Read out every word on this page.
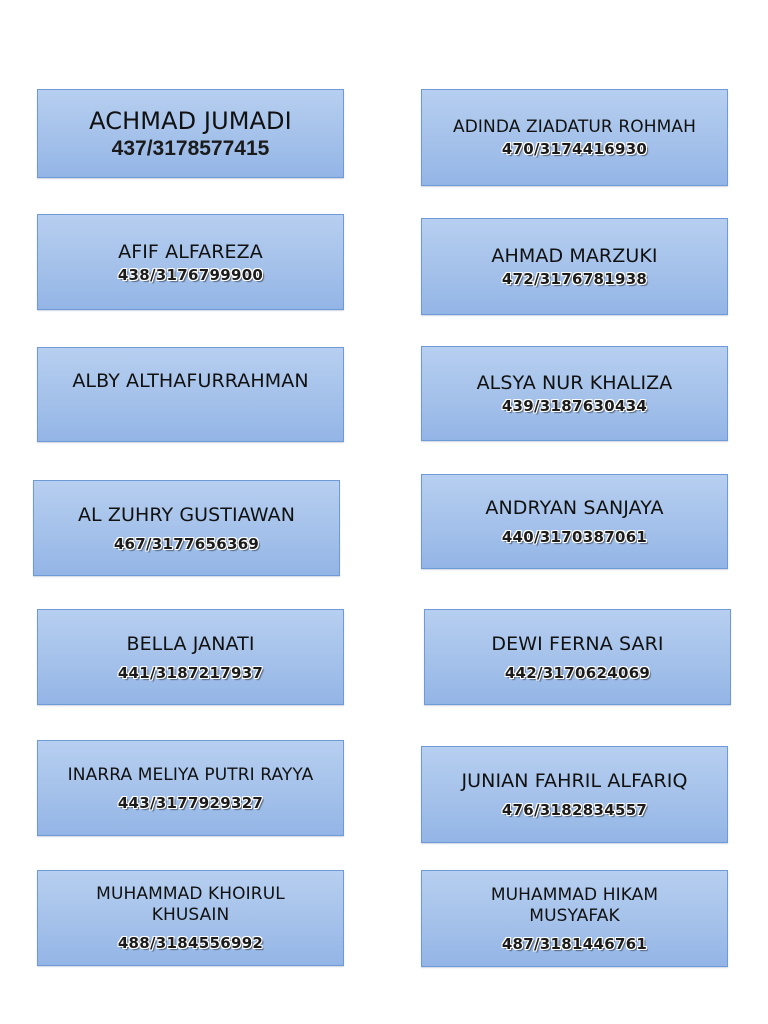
ACHMAD JUMADI
437/3178577415
ADINDA ZIADATUR ROHMAH
470/3174416930
AFIF ALFAREZA
438/3176799900
AHMAD MARZUKI
472/3176781938
ALBY ALTHAFURRAHMAN	ALSYA NUR KHALIZA
439/3187630434
AL ZUHRY GUSTIAWAN
467/3177656369
ANDRYAN SANJAYA
440/3170387061
BELLA JANATI
441/3187217937
DEWI FERNA SARI
442/3170624069
INARRA MELIYA PUTRI RAYYA
443/3177929327
JUNIAN FAHRIL ALFARIQ
476/3182834557
MUHAMMAD KHOIRUL KHUSAIN
488/3184556992
MUHAMMAD HIKAM MUSYAFAK
487/3181446761
